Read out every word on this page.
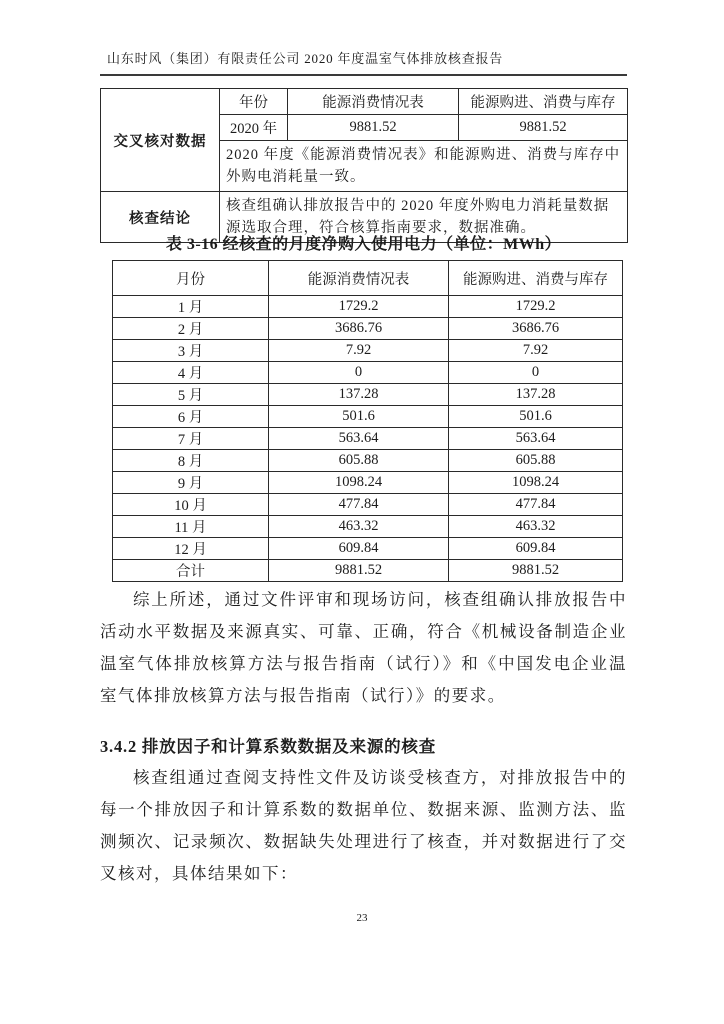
山东时风（集团）有限责任公司 2020 年度温室气体排放核查报告
交叉核对数据	年份	能源消费情况表	能源购进、消费与库存
	2020 年	9881.52	9881.52
	2020 年度《能源消费情况表》和能源购进、消费与库存中外购电消耗量一致。		
核查结论	核查组确认排放报告中的 2020 年度外购电力消耗量数据源选取合理，符合核算指南要求，数据准确。		
表 3-16 经核查的月度净购入使用电力（单位：MWh）
月份	能源消费情况表	能源购进、消费与库存
1 月	1729.2	1729.2
2 月	3686.76	3686.76
3 月	7.92	7.92
4 月	0	0
5 月	137.28	137.28
6 月	501.6	501.6
7 月	563.64	563.64
8 月	605.88	605.88
9 月	1098.24	1098.24
10 月	477.84	477.84
11 月	463.32	463.32
12 月	609.84	609.84
合计	9881.52	9881.52

综上所述，通过文件评审和现场访问，核查组确认排放报告中活动水平数据及来源真实、可靠、正确，符合《机械设备制造企业温室气体排放核算方法与报告指南（试行）》和《中国发电企业温室气体排放核算方法与报告指南（试行）》的要求。

3.4.2 排放因子和计算系数数据及来源的核查

核查组通过查阅支持性文件及访谈受核查方，对排放报告中的每一个排放因子和计算系数的数据单位、数据来源、监测方法、监测频次、记录频次、数据缺失处理进行了核查，并对数据进行了交叉核对，具体结果如下：

23
